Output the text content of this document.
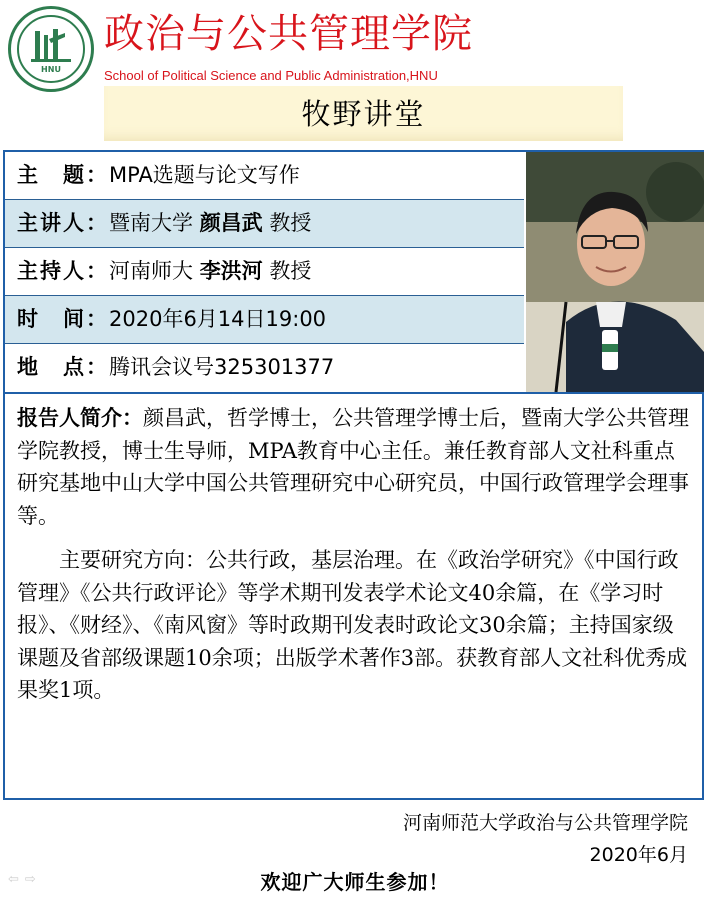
HNU
政治与公共管理学院
School of Political Science and Public Administration,HNU
牧野讲堂
主　题：MPA选题与论文写作
主讲人：暨南大学 颜昌武 教授
主持人：河南师大 李洪河 教授
时　间：2020年6月14日19:00
地　点：腾讯会议号325301377

报告人简介：颜昌武，哲学博士，公共管理学博士后，暨南大学公共管理学院教授，博士生导师，MPA教育中心主任。兼任教育部人文社科重点研究基地中山大学中国公共管理研究中心研究员，中国行政管理学会理事等。

主要研究方向：公共行政，基层治理。在《政治学研究》《中国行政管理》《公共行政评论》等学术期刊发表学术论文40余篇，在《学习时报》、《财经》、《南风窗》等时政期刊发表时政论文30余篇；主持国家级课题及省部级课题10余项；出版学术著作3部。获教育部人文社科优秀成果奖1项。

河南师范大学政治与公共管理学院
2020年6月
⇦⇨	欢迎广大师生参加！
